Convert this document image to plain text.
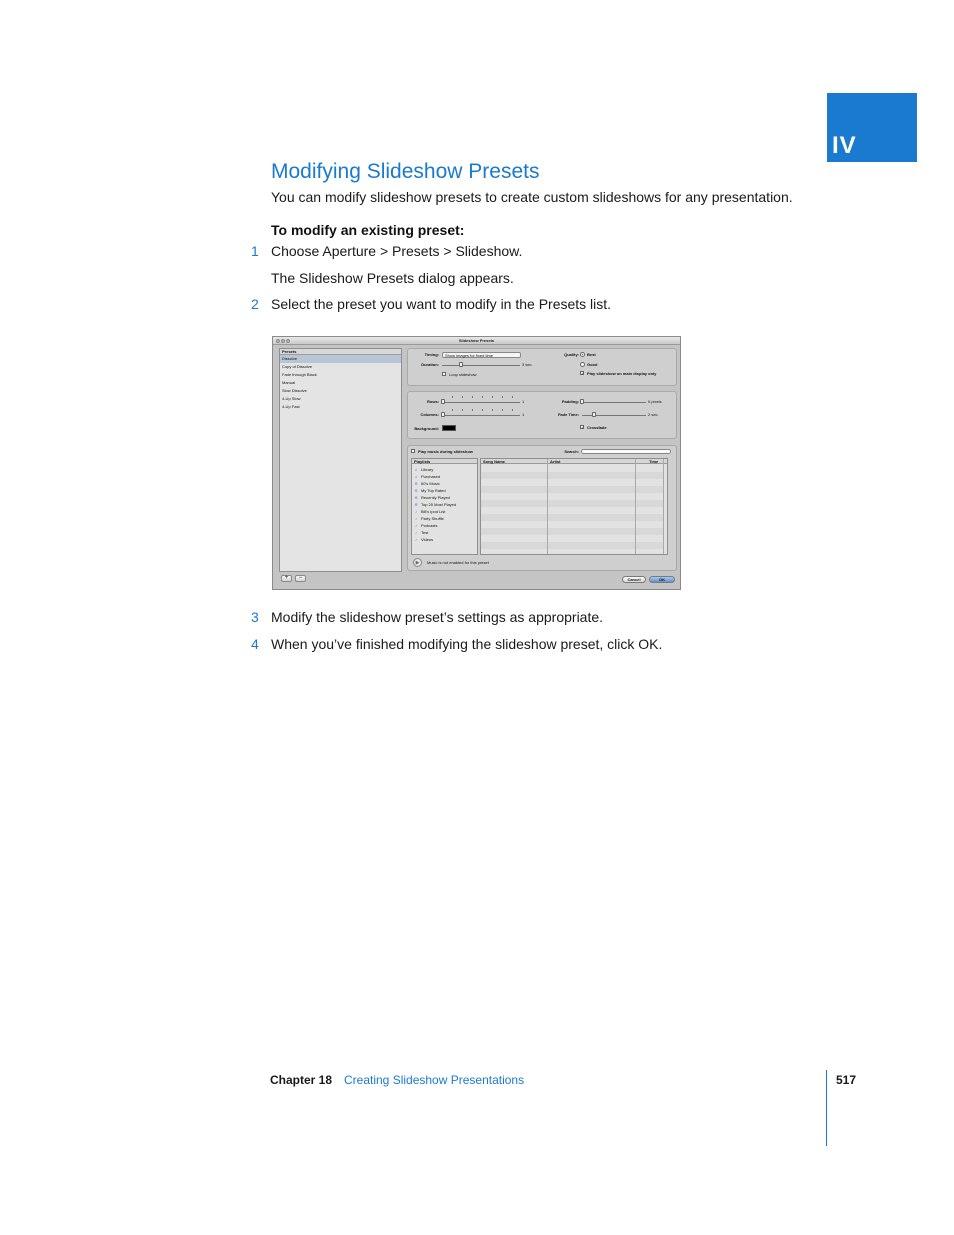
IV
Modifying Slideshow Presets
You can modify slideshow presets to create custom slideshows for any presentation.
To modify an existing preset:
1 Choose Aperture > Presets > Slideshow.
The Slideshow Presets dialog appears.
2 Select the preset you want to modify in the Presets list.
Slideshow Presets
Presets
Dissolve
Copy of Dissolve
Fade through Black
Manual
Slow Dissolve
4-Up Slow
4-Up Fast
+	−
Timing:	Show images for fixed time
Duration:	3 sec.
Loop slideshow
Quality: Best
Good
✓ Play slideshow on main display only
Rows:	1
Columns:	1
Background:
Padding:	0 pixels
Fade Time:	2 sec.
✓ Crossfade
Play music during slideshow	Search:
Playlists
♫ Library
♫ Purchased
✲ 60's Music
✲ My Top Rated
✲ Recently Played
✲ Top 25 Most Played
♪ Bill's Ipod List
♪ Party Shuffle
♪ Podcasts
♪ Test
♪ Videos
Song Name	Artist	Time
▶	Music is not enabled for this preset
Cancel	OK
3 Modify the slideshow preset’s settings as appropriate.
4 When you’ve finished modifying the slideshow preset, click OK.
Chapter 18 Creating Slideshow Presentations	517
